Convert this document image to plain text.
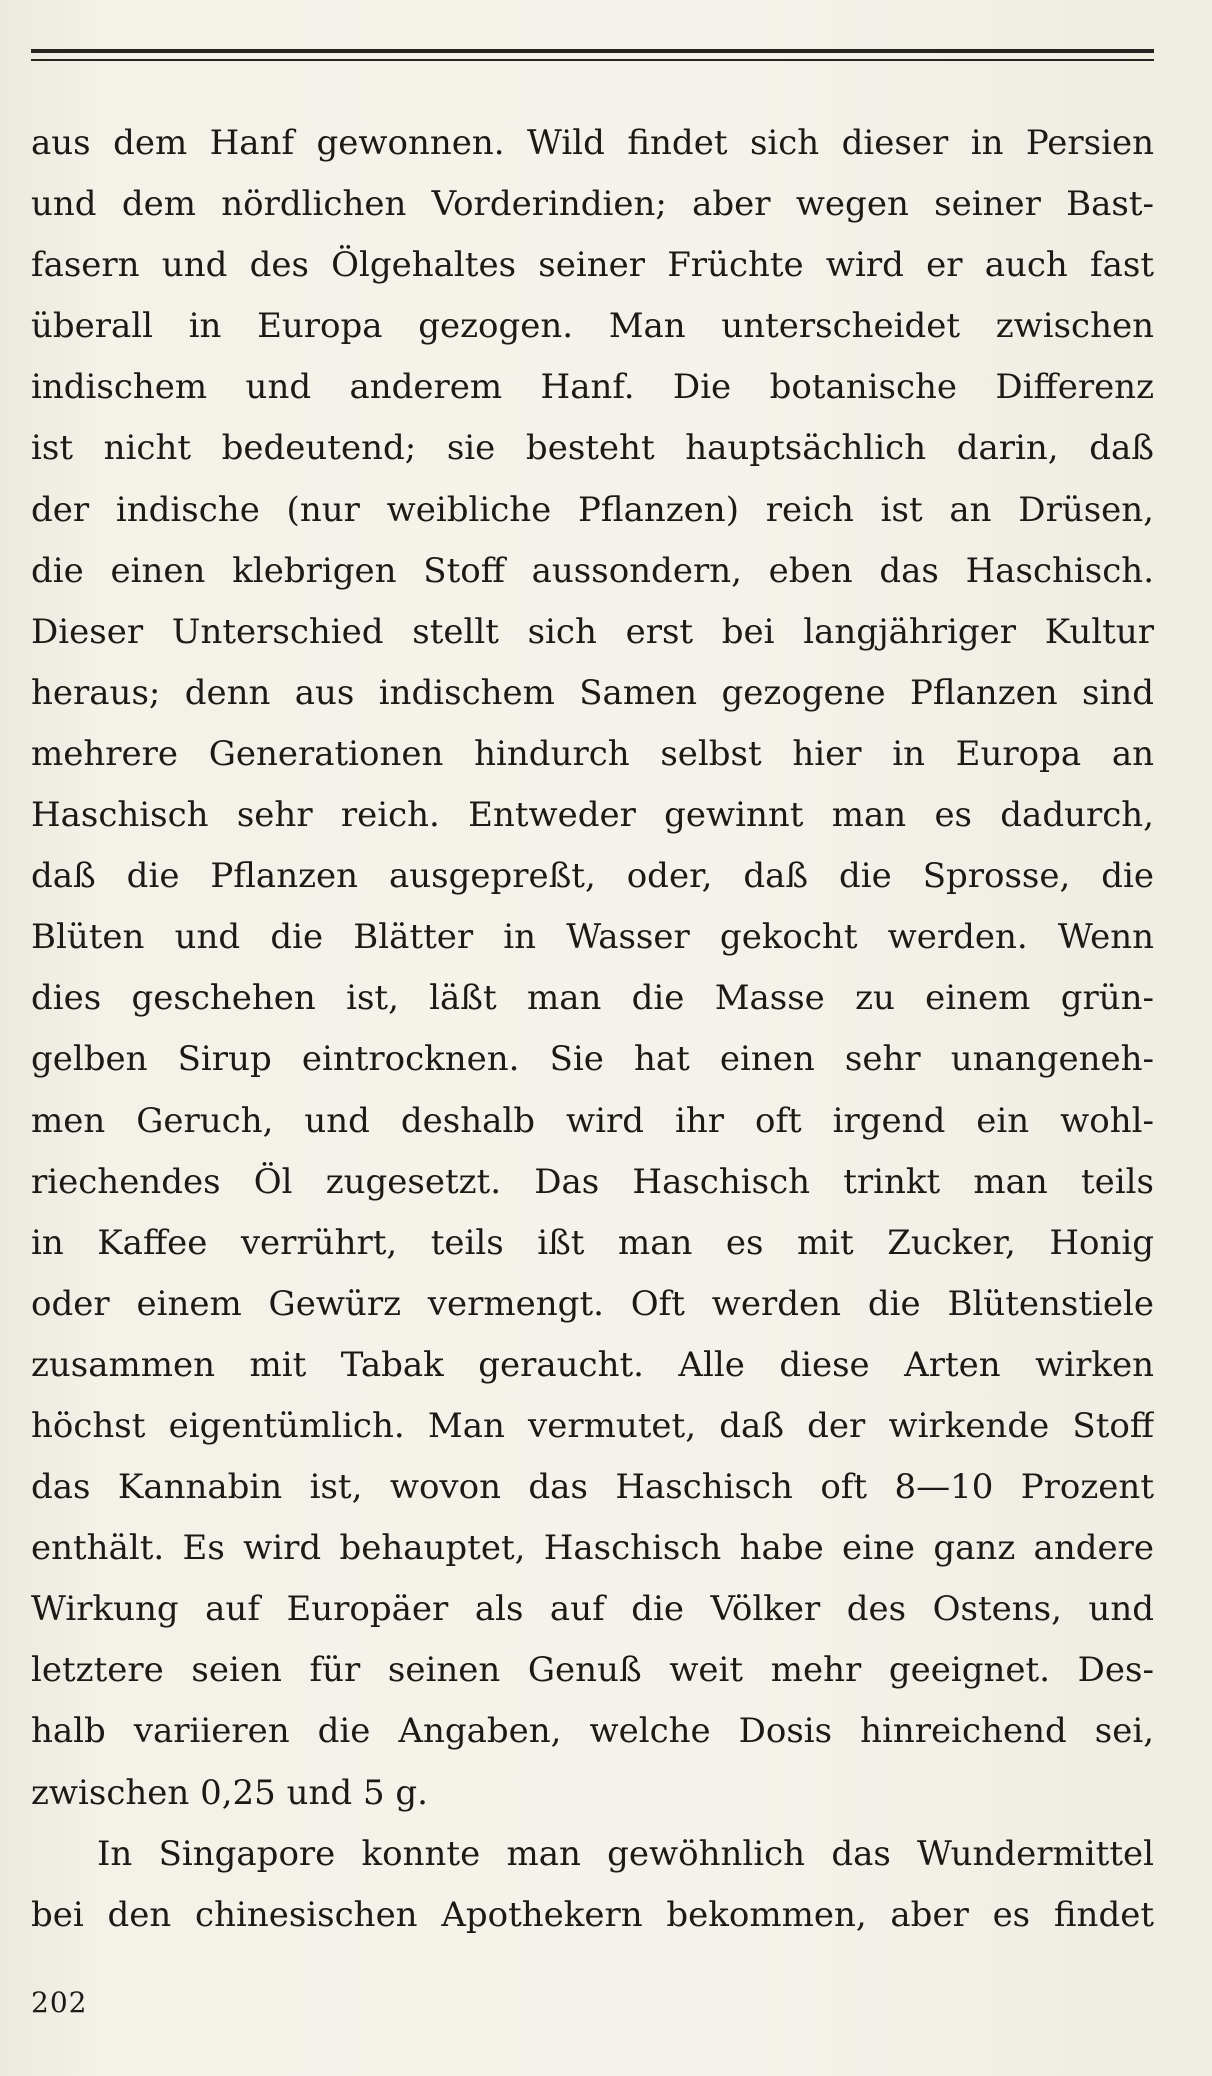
aus dem Hanf gewonnen. Wild findet sich dieser in Persien
und dem nördlichen Vorderindien; aber wegen seiner Bast-
fasern und des Ölgehaltes seiner Früchte wird er auch fast
überall in Europa gezogen. Man unterscheidet zwischen
indischem und anderem Hanf. Die botanische Differenz
ist nicht bedeutend; sie besteht hauptsächlich darin, daß
der indische (nur weibliche Pflanzen) reich ist an Drüsen,
die einen klebrigen Stoff aussondern, eben das Haschisch.
Dieser Unterschied stellt sich erst bei langjähriger Kultur
heraus; denn aus indischem Samen gezogene Pflanzen sind
mehrere Generationen hindurch selbst hier in Europa an
Haschisch sehr reich. Entweder gewinnt man es dadurch,
daß die Pflanzen ausgepreßt, oder, daß die Sprosse, die
Blüten und die Blätter in Wasser gekocht werden. Wenn
dies geschehen ist, läßt man die Masse zu einem grün-
gelben Sirup eintrocknen. Sie hat einen sehr unangeneh-
men Geruch, und deshalb wird ihr oft irgend ein wohl-
riechendes Öl zugesetzt. Das Haschisch trinkt man teils
in Kaffee verrührt, teils ißt man es mit Zucker, Honig
oder einem Gewürz vermengt. Oft werden die Blütenstiele
zusammen mit Tabak geraucht. Alle diese Arten wirken
höchst eigentümlich. Man vermutet, daß der wirkende Stoff
das Kannabin ist, wovon das Haschisch oft 8—10 Prozent
enthält. Es wird behauptet, Haschisch habe eine ganz andere
Wirkung auf Europäer als auf die Völker des Ostens, und
letztere seien für seinen Genuß weit mehr geeignet. Des-
halb variieren die Angaben, welche Dosis hinreichend sei,
zwischen 0,25 und 5 g.
In Singapore konnte man gewöhnlich das Wundermittel
bei den chinesischen Apothekern bekommen, aber es findet
202
